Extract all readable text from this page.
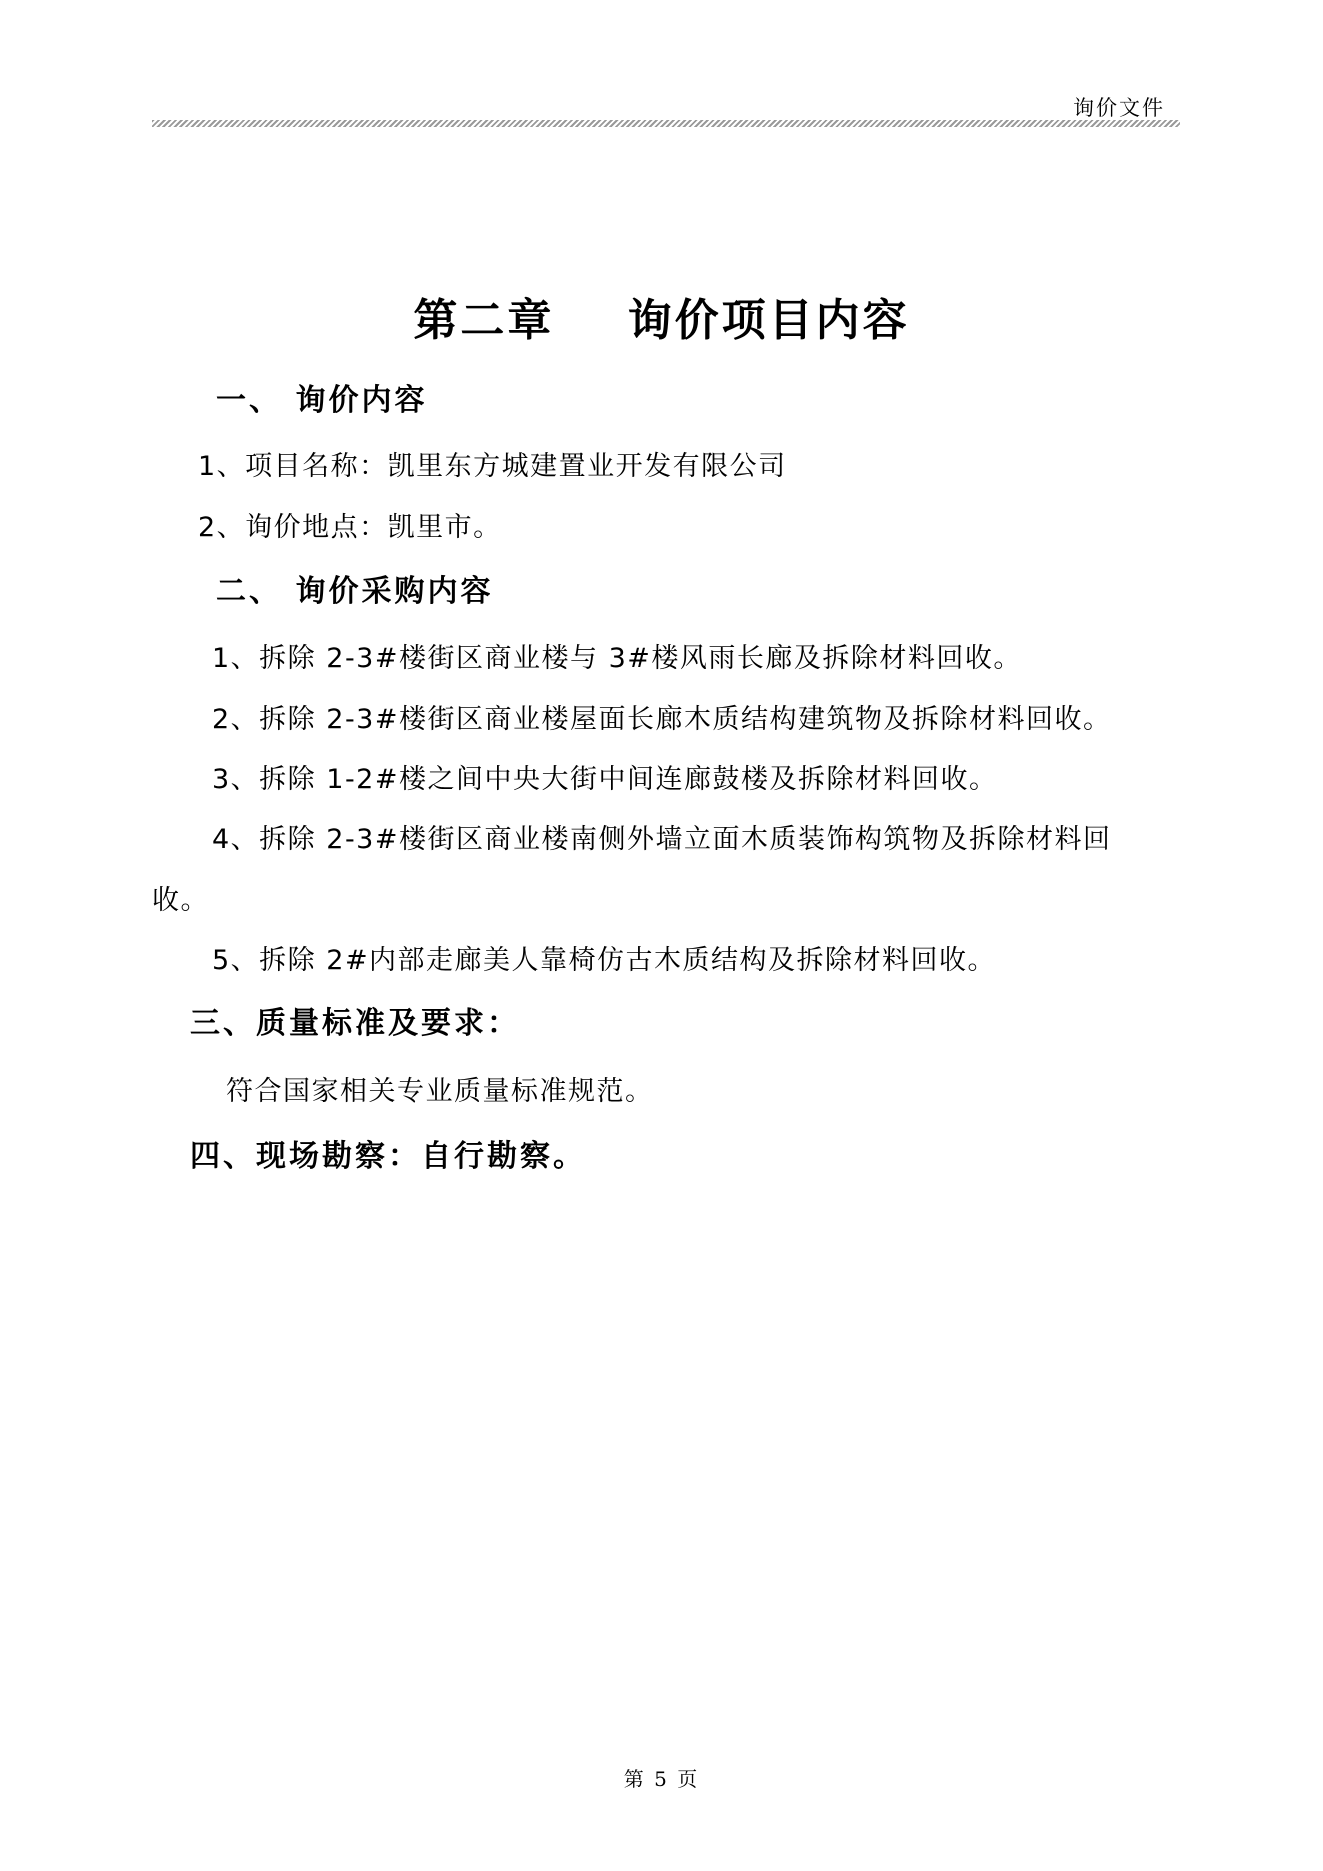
询价文件
第二章    询价项目内容
一、 询价内容
1、项目名称：凯里东方城建置业开发有限公司
2、询价地点：凯里市。
二、 询价采购内容
1、拆除 2-3#楼街区商业楼与 3#楼风雨长廊及拆除材料回收。
2、拆除 2-3#楼街区商业楼屋面长廊木质结构建筑物及拆除材料回收。
3、拆除 1-2#楼之间中央大街中间连廊鼓楼及拆除材料回收。
4、拆除 2-3#楼街区商业楼南侧外墙立面木质装饰构筑物及拆除材料回
收。
5、拆除 2#内部走廊美人靠椅仿古木质结构及拆除材料回收。
三、质量标准及要求：
符合国家相关专业质量标准规范。
四、现场勘察：自行勘察。
第 5 页
